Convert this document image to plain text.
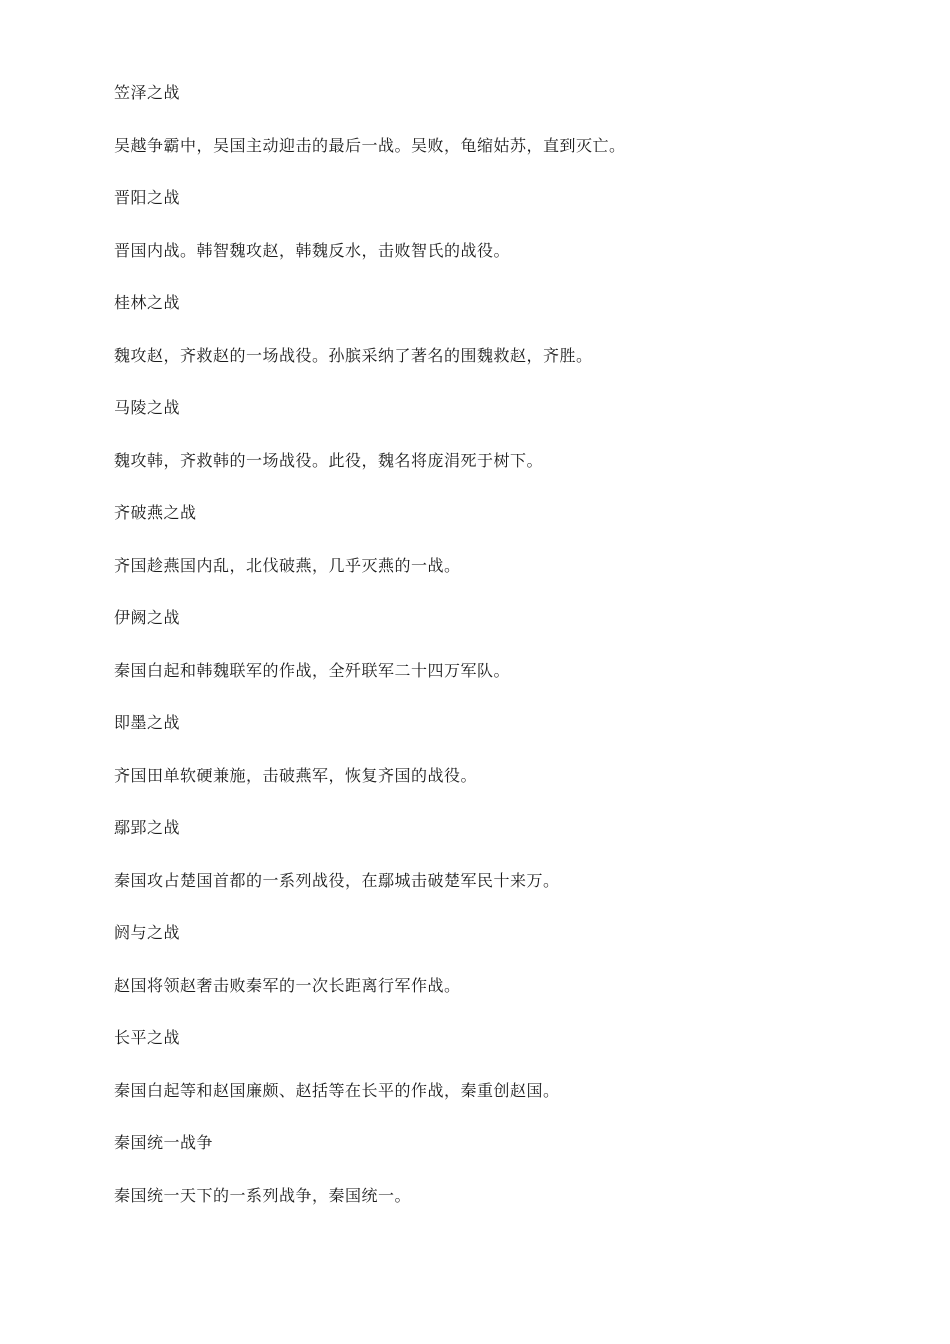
笠泽之战

吴越争霸中，吴国主动迎击的最后一战。吴败，龟缩姑苏，直到灭亡。

晋阳之战

晋国内战。韩智魏攻赵，韩魏反水，击败智氏的战役。

桂林之战

魏攻赵，齐救赵的一场战役。孙膑采纳了著名的围魏救赵，齐胜。

马陵之战

魏攻韩，齐救韩的一场战役。此役，魏名将庞涓死于树下。

齐破燕之战

齐国趁燕国内乱，北伐破燕，几乎灭燕的一战。

伊阙之战

秦国白起和韩魏联军的作战，全歼联军二十四万军队。

即墨之战

齐国田单软硬兼施，击破燕军，恢复齐国的战役。

鄢郢之战

秦国攻占楚国首都的一系列战役，在鄢城击破楚军民十来万。

阏与之战

赵国将领赵奢击败秦军的一次长距离行军作战。

长平之战

秦国白起等和赵国廉颇、赵括等在长平的作战，秦重创赵国。

秦国统一战争

秦国统一天下的一系列战争，秦国统一。
